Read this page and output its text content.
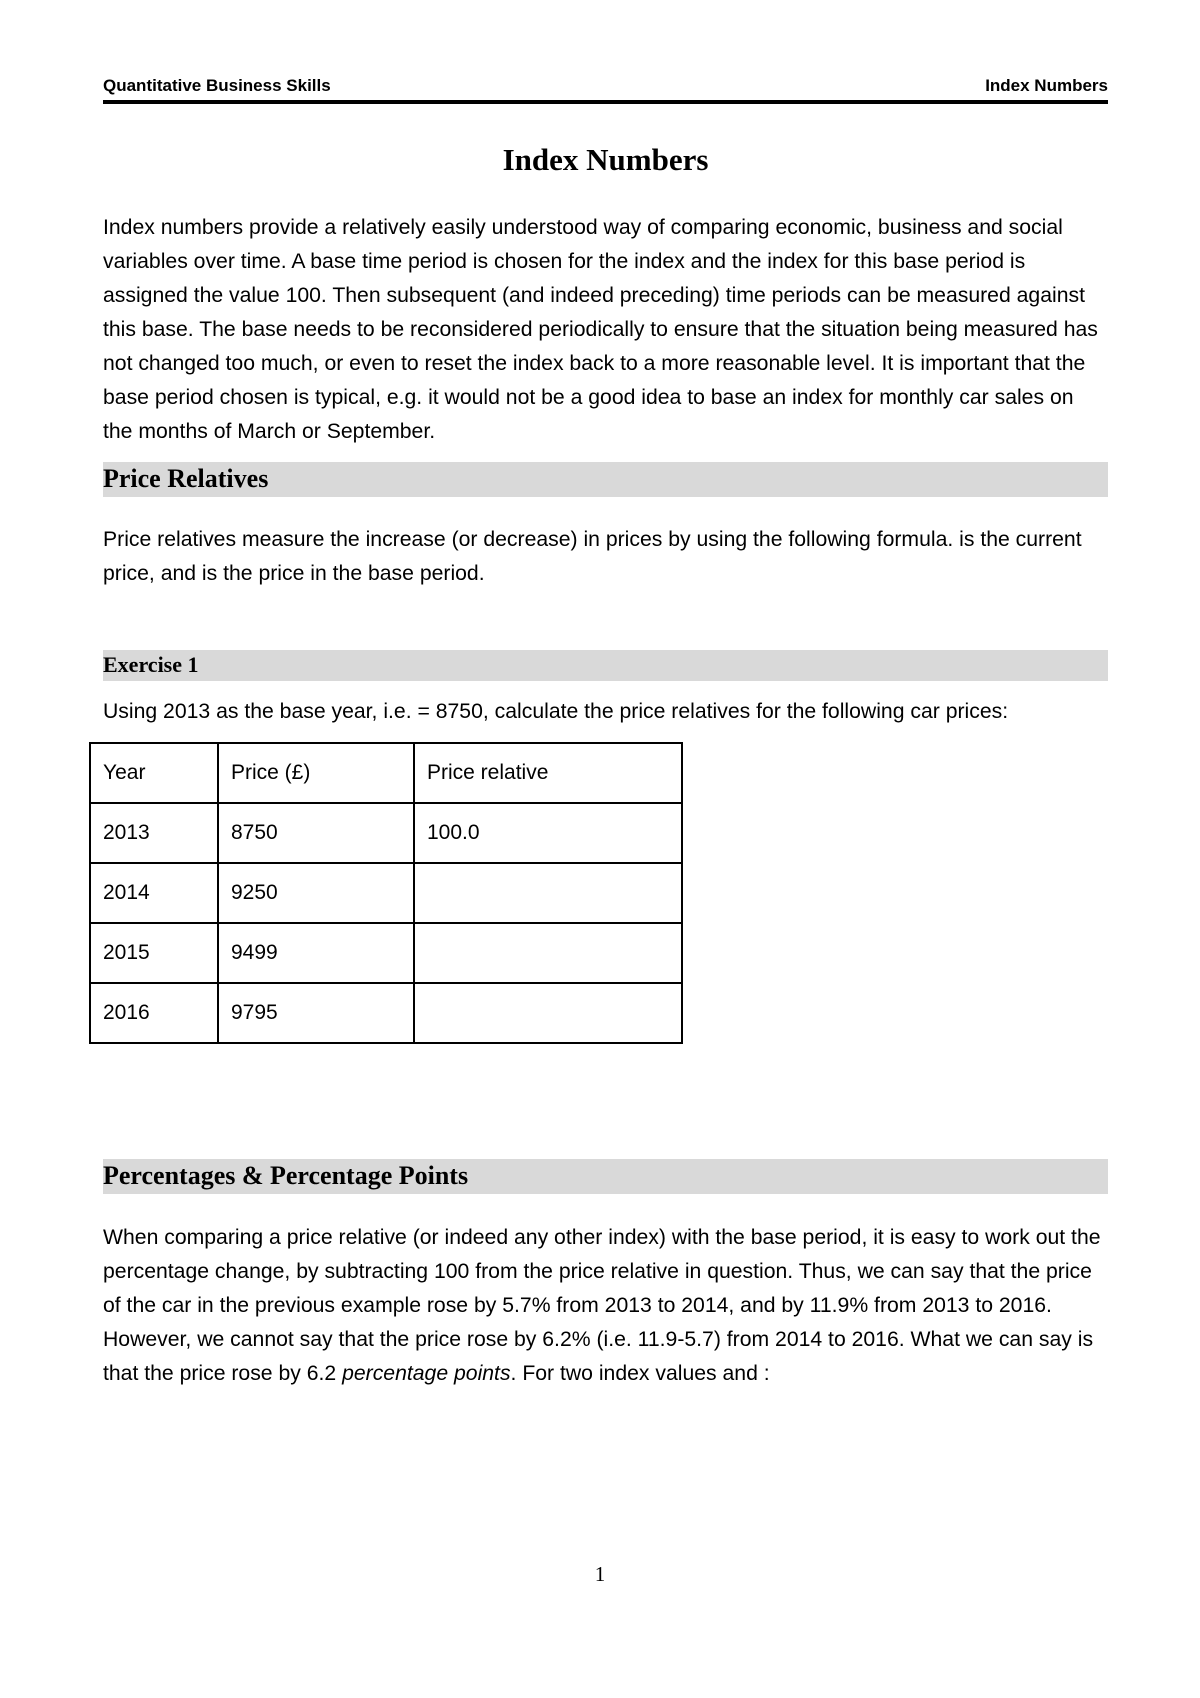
Quantitative Business Skills	Index Numbers
Index Numbers
Index numbers provide a relatively easily understood way of comparing economic, business and social variables over time. A base time period is chosen for the index and the index for this base period is assigned the value 100. Then subsequent (and indeed preceding) time periods can be measured against this base. The base needs to be reconsidered periodically to ensure that the situation being measured has not changed too much, or even to reset the index back to a more reasonable level. It is important that the base period chosen is typical, e.g. it would not be a good idea to base an index for monthly car sales on the months of March or September.
Price Relatives
Price relatives measure the increase (or decrease) in prices by using the following formula. is the current price, and is the price in the base period.
Exercise 1
Using 2013 as the base year, i.e. = 8750, calculate the price relatives for the following car prices:
Year	Price (£)	Price relative
2013	8750	100.0
2014	9250	
2015	9499	
2016	9795	
Percentages & Percentage Points
When comparing a price relative (or indeed any other index) with the base period, it is easy to work out the percentage change, by subtracting 100 from the price relative in question. Thus, we can say that the price of the car in the previous example rose by 5.7% from 2013 to 2014, and by 11.9% from 2013 to 2016. However, we cannot say that the price rose by 6.2% (i.e. 11.9-5.7) from 2014 to 2016. What we can say is that the price rose by 6.2 percentage points. For two index values and :
1
